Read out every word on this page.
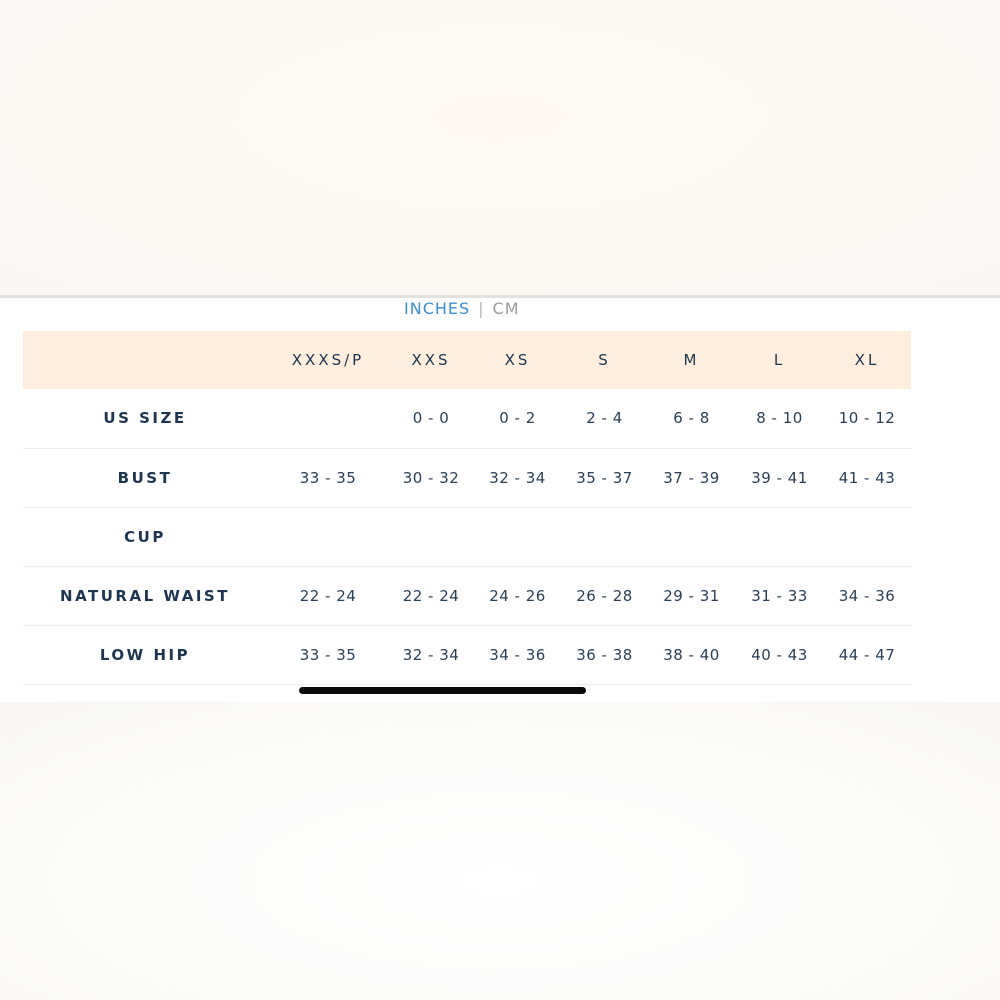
INCHES | CM
	XXXS/P	XXS	XS	S	M	L	XL
US SIZE		0 - 0	0 - 2	2 - 4	6 - 8	8 - 10	10 - 12
BUST	33 - 35	30 - 32	32 - 34	35 - 37	37 - 39	39 - 41	41 - 43
CUP							
NATURAL WAIST	22 - 24	22 - 24	24 - 26	26 - 28	29 - 31	31 - 33	34 - 36
LOW HIP	33 - 35	32 - 34	34 - 36	36 - 38	38 - 40	40 - 43	44 - 47
